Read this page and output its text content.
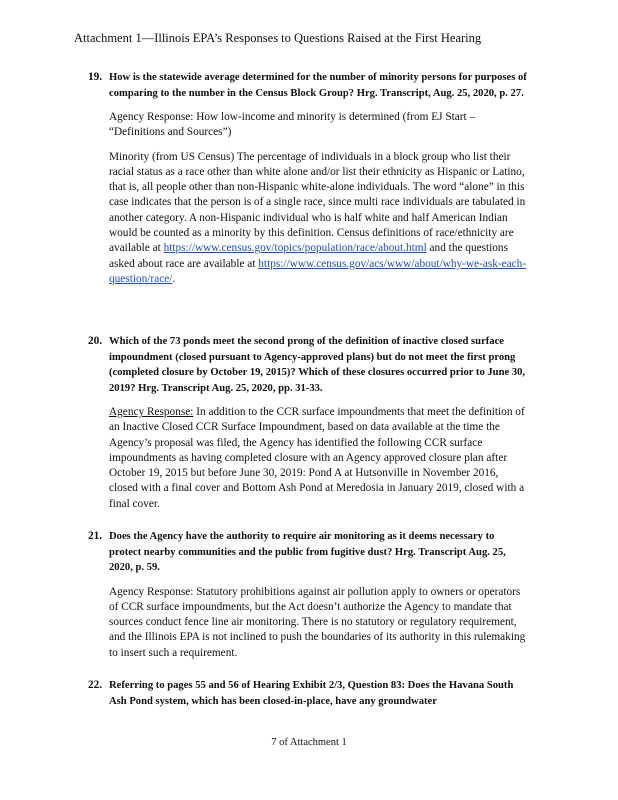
Attachment 1—Illinois EPA’s Responses to Questions Raised at the First Hearing
19. How is the statewide average determined for the number of minority persons for purposes of comparing to the number in the Census Block Group? Hrg. Transcript, Aug. 25, 2020, p. 27.
Agency Response: How low-income and minority is determined (from EJ Start – “Definitions and Sources”)
Minority (from US Census) The percentage of individuals in a block group who list their racial status as a race other than white alone and/or list their ethnicity as Hispanic or Latino, that is, all people other than non-Hispanic white-alone individuals. The word “alone” in this case indicates that the person is of a single race, since multi race individuals are tabulated in another category. A non-Hispanic individual who is half white and half American Indian would be counted as a minority by this definition. Census definitions of race/ethnicity are available at https://www.census.gov/topics/population/race/about.html and the questions asked about race are available at https://www.census.gov/acs/www/about/why-we-ask-each-question/race/.
20. Which of the 73 ponds meet the second prong of the definition of inactive closed surface impoundment (closed pursuant to Agency-approved plans) but do not meet the first prong (completed closure by October 19, 2015)? Which of these closures occurred prior to June 30, 2019? Hrg. Transcript Aug. 25, 2020, pp. 31-33.
Agency Response: In addition to the CCR surface impoundments that meet the definition of an Inactive Closed CCR Surface Impoundment, based on data available at the time the Agency’s proposal was filed, the Agency has identified the following CCR surface impoundments as having completed closure with an Agency approved closure plan after October 19, 2015 but before June 30, 2019: Pond A at Hutsonville in November 2016, closed with a final cover and Bottom Ash Pond at Meredosia in January 2019, closed with a final cover.
21. Does the Agency have the authority to require air monitoring as it deems necessary to protect nearby communities and the public from fugitive dust? Hrg. Transcript Aug. 25, 2020, p. 59.
Agency Response: Statutory prohibitions against air pollution apply to owners or operators of CCR surface impoundments, but the Act doesn’t authorize the Agency to mandate that sources conduct fence line air monitoring. There is no statutory or regulatory requirement, and the Illinois EPA is not inclined to push the boundaries of its authority in this rulemaking to insert such a requirement.
22. Referring to pages 55 and 56 of Hearing Exhibit 2/3, Question 83: Does the Havana South Ash Pond system, which has been closed-in-place, have any groundwater
7 of Attachment 1
